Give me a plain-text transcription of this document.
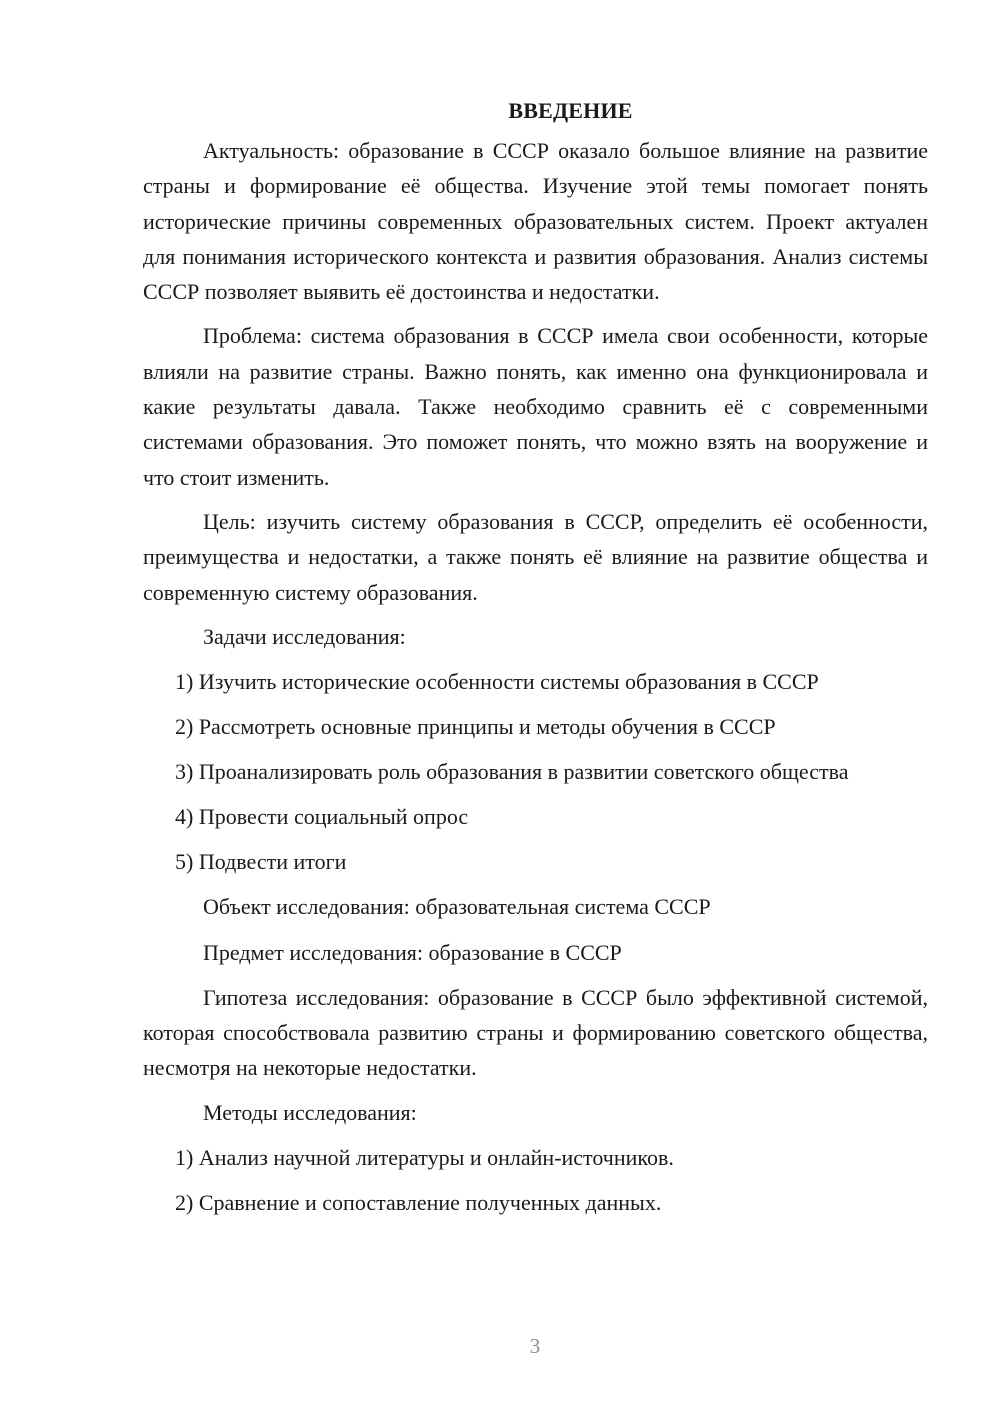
ВВЕДЕНИЕ

Актуальность: образование в СССР оказало большое влияние на развитие страны и формирование её общества. Изучение этой темы помогает понять исторические причины современных образовательных систем. Проект актуален для понимания исторического контекста и развития образования. Анализ системы СССР позволяет выявить её достоинства и недостатки.

Проблема: система образования в СССР имела свои особенности, которые влияли на развитие страны. Важно понять, как именно она функционировала и какие результаты давала. Также необходимо сравнить её с современными системами образования. Это поможет понять, что можно взять на вооружение и что стоит изменить.

Цель: изучить систему образования в СССР, определить её особенности, преимущества и недостатки, а также понять её влияние на развитие общества и современную систему образования.

Задачи исследования:

1) Изучить исторические особенности системы образования в СССР

2) Рассмотреть основные принципы и методы обучения в СССР

3) Проанализировать роль образования в развитии советского общества

4) Провести социальный опрос

5) Подвести итоги

Объект исследования: образовательная система СССР

Предмет исследования: образование в СССР

Гипотеза исследования: образование в СССР было эффективной системой, которая способствовала развитию страны и формированию советского общества, несмотря на некоторые недостатки.

Методы исследования:

1) Анализ научной литературы и онлайн-источников.

2) Сравнение и сопоставление полученных данных.

3
